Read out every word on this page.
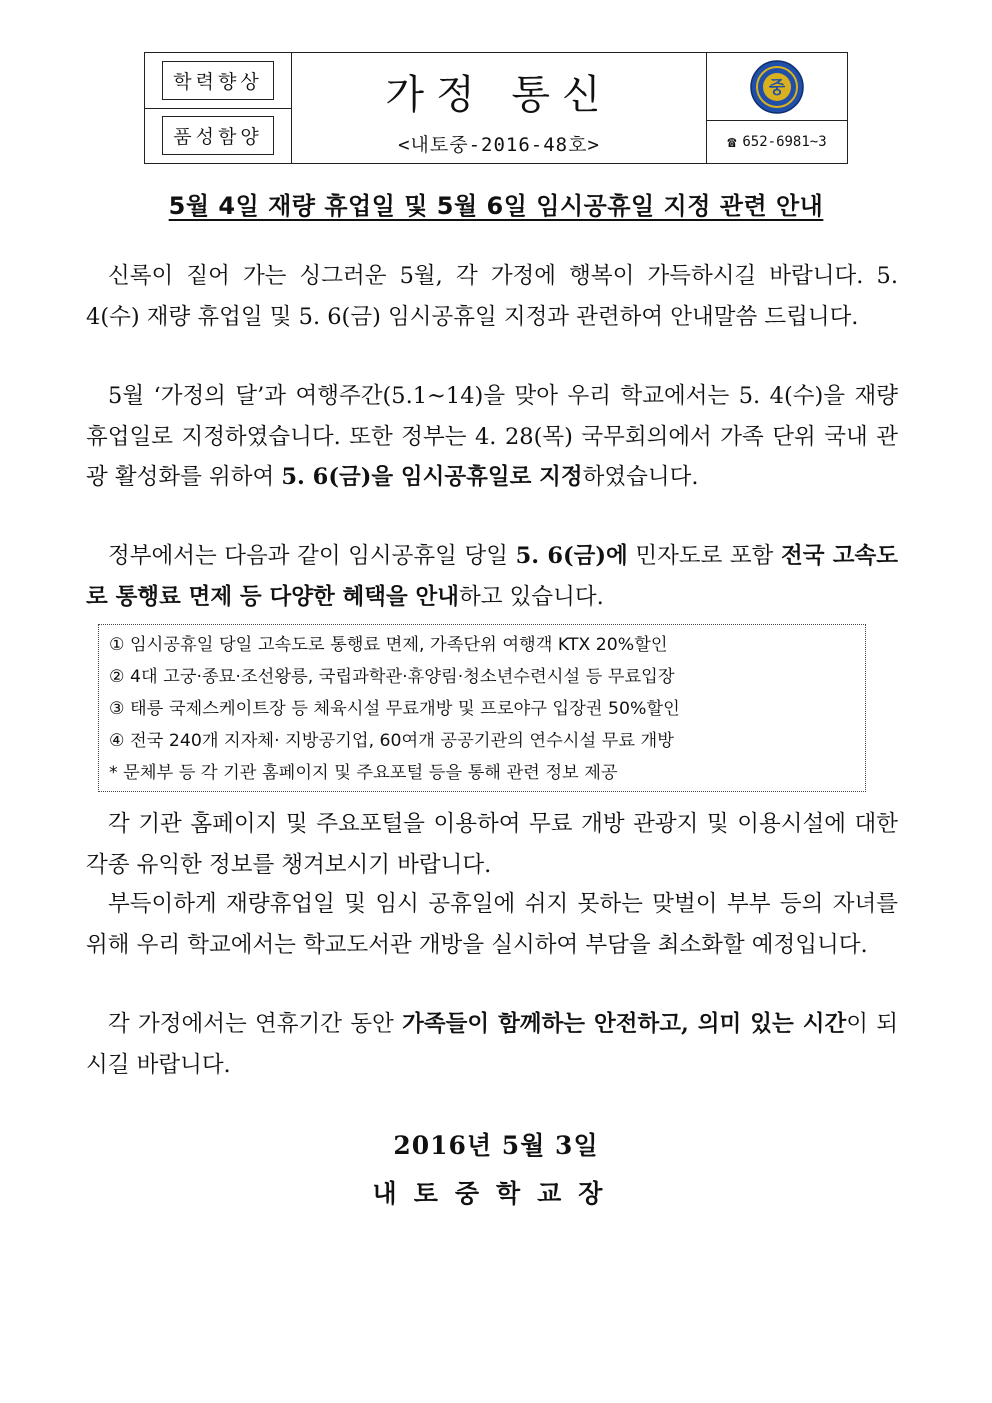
학력향상
품성함양
가정 통신
<내토중-2016-48호>
중
☎ 652-6981~3
5월 4일 재량 휴업일 및 5월 6일 임시공휴일 지정 관련 안내

신록이 짙어 가는 싱그러운 5월, 각 가정에 행복이 가득하시길 바랍니다. 5. 4(수) 재량 휴업일 및 5. 6(금) 임시공휴일 지정과 관련하여 안내말씀 드립니다.

5월 ‘가정의 달’과 여행주간(5.1~14)을 맞아 우리 학교에서는 5. 4(수)을 재량휴업일로 지정하였습니다. 또한 정부는 4. 28(목) 국무회의에서 가족 단위 국내 관광 활성화를 위하여 5. 6(금)을 임시공휴일로 지정하였습니다.

정부에서는 다음과 같이 임시공휴일 당일 5. 6(금)에 민자도로 포함 전국 고속도로 통행료 면제 등 다양한 혜택을 안내하고 있습니다.

① 임시공휴일 당일 고속도로 통행료 면제, 가족단위 여행객 KTX 20%할인
② 4대 고궁·종묘·조선왕릉, 국립과학관·휴양림·청소년수련시설 등 무료입장
③ 태릉 국제스케이트장 등 체육시설 무료개방 및 프로야구 입장권 50%할인
④ 전국 240개 지자체· 지방공기업, 60여개 공공기관의 연수시설 무료 개방
* 문체부 등 각 기관 홈페이지 및 주요포털 등을 통해 관련 정보 제공

각 기관 홈페이지 및 주요포털을 이용하여 무료 개방 관광지 및 이용시설에 대한 각종 유익한 정보를 챙겨보시기 바랍니다.

부득이하게 재량휴업일 및 임시 공휴일에 쉬지 못하는 맞벌이 부부 등의 자녀를 위해 우리 학교에서는 학교도서관 개방을 실시하여 부담을 최소화할 예정입니다.

각 가정에서는 연휴기간 동안 가족들이 함께하는 안전하고, 의미 있는 시간이 되시길 바랍니다.

2016년 5월 3일
내토중학교장
